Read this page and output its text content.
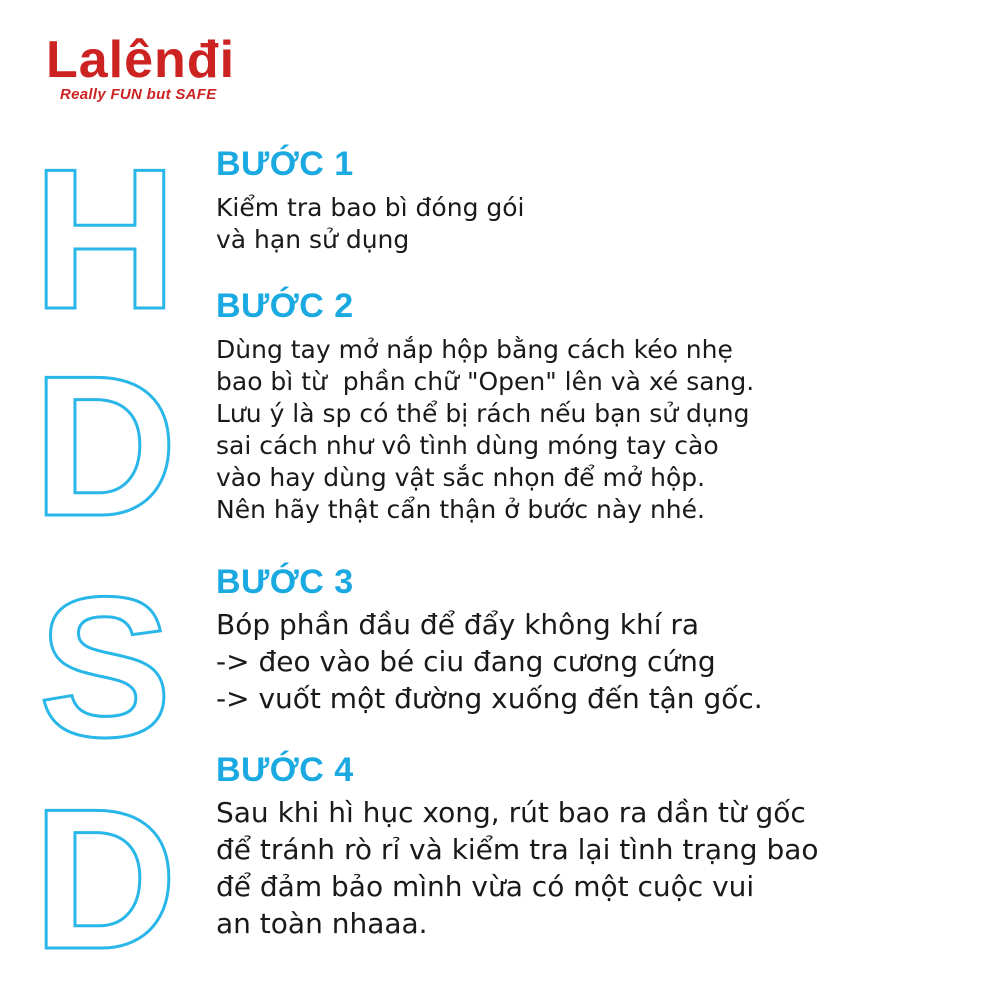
Lalênđi
Really FUN but SAFE
H
D
S
D
BƯỚC 1
Kiểm tra bao bì đóng gói
và hạn sử dụng
BƯỚC 2
Dùng tay mở nắp hộp bằng cách kéo nhẹ
bao bì từ  phần chữ "Open" lên và xé sang.
Lưu ý là sp có thể bị rách nếu bạn sử dụng
sai cách như vô tình dùng móng tay cào
vào hay dùng vật sắc nhọn để mở hộp.
Nên hãy thật cẩn thận ở bước này nhé.
BƯỚC 3
Bóp phần đầu để đẩy không khí ra
-> đeo vào bé ciu đang cương cứng
-> vuốt một đường xuống đến tận gốc.
BƯỚC 4
Sau khi hì hục xong, rút bao ra dần từ gốc
để tránh rò rỉ và kiểm tra lại tình trạng bao
để đảm bảo mình vừa có một cuộc vui
an toàn nhaaa.
